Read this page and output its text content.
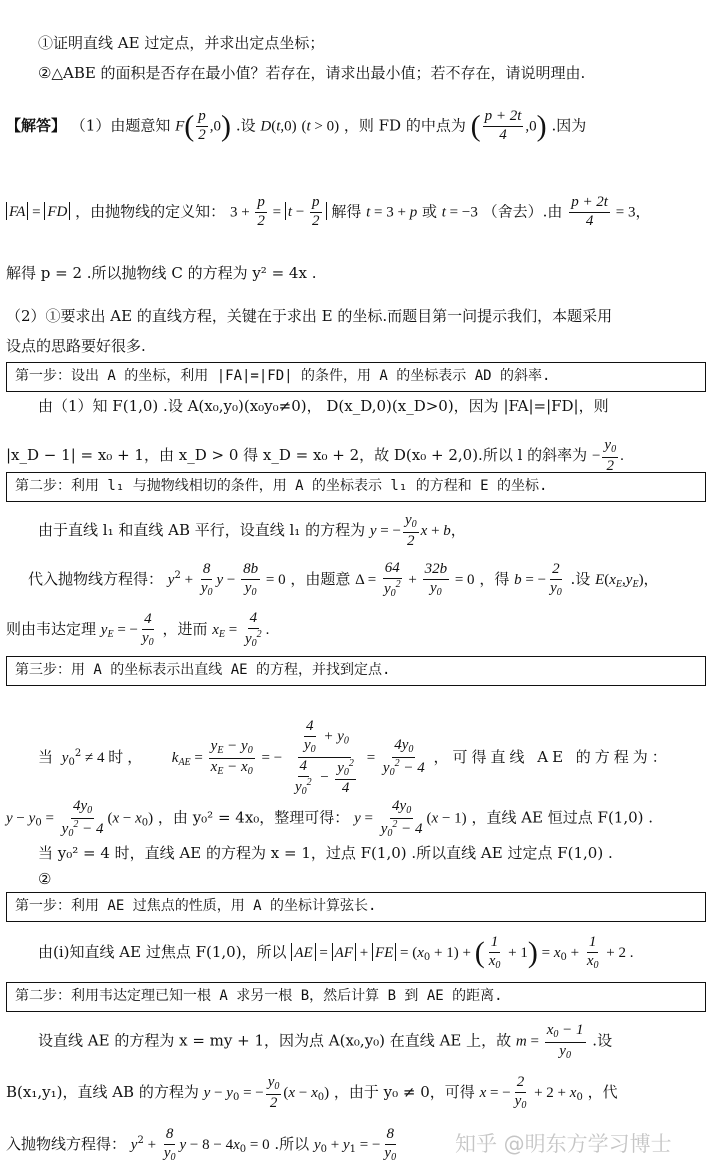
①证明直线 AE 过定点，并求出定点坐标；
②△ABE 的面积是否存在最小值？若存在，请求出最小值；若不存在，请说明理由.
【解答】 （1）由题意知 $F( \frac{p}{2} ,0)$ .设 D(t,0) (t > 0) ，则 FD 的中点为 ( $\frac{p + 2t}{4} ,0$) .因为
FA = FD ，由抛物线的定义知： $3 + \frac{p}{2} = t - \frac{p}{2}$ 解得 t = 3 + p 或 t = −3 （舍去）.由 $\frac{p + 2t}{4} = 3$，
解得 p = 2 .所以抛物线 C 的方程为 y² = 4x .
（2）①要求出 AE 的直线方程，关键在于求出 E 的坐标.而题目第一问提示我们，本题采用
设点的思路要好很多.
第一步：设出 A 的坐标，利用 |FA|=|FD| 的条件，用 A 的坐标表示 AD 的斜率.
由（1）知 F(1,0) .设 A(x₀,y₀)(x₀y₀≠0)， D(x_D,0)(x_D>0)，因为 |FA|=|FD|，则
|x_D − 1| = x₀ + 1，由 x_D > 0 得 x_D = x₀ + 2，故 D(x₀ + 2,0).所以 l 的斜率为 − $\frac{y_0}{2}$ .
第二步：利用 l₁ 与抛物线相切的条件，用 A 的坐标表示 l₁ 的方程和 E 的坐标.
由于直线 l₁ 和直线 AB 平行，设直线 l₁ 的方程为 y = − $\frac{y_0}{2}$ x + b，
代入抛物线方程得： $y^2 + \frac{8}{y_0}$ $y - \frac{8b}{y_0} = 0$ ，由题意 $\Delta = \frac{64}{y_0^2} + \frac{32b}{y_0} = 0$ ，得 b = − $\frac{2}{y_0}$ .设 $E(x_E,y_E)$，
则由韦达定理 $y_E$ = − $\frac{4}{y_0}$ ，进而 $x_E = \frac{4}{y_0^2}$ .
第三步：用 A 的坐标表示出直线 AE 的方程，并找到定点.
当 $y_0^2 \ne 4$ 时， $k_{AE} = \frac{y_E - y_0}{x_E - x_0}$ = − $\frac{\frac{4}{y_0} + y_0}{\frac{4}{y_0^2} - \frac{y_0^2}{4}} = \frac{4y_0}{y_0^2 - 4}$ ，可得直线 AE 的方程为：
$y - y_0 = \frac{4y_0}{y_0^2 - 4} (x - x_0)$ ，由 y₀² = 4x₀，整理可得： $y = \frac{4y_0}{y_0^2 - 4} (x - 1)$ ，直线 AE 恒过点 F(1,0) .
当 y₀² = 4 时，直线 AE 的方程为 x = 1，过点 F(1,0) .所以直线 AE 过定点 F(1,0) .
②
第一步：利用 AE 过焦点的性质，用 A 的坐标计算弦长.
由(i)知直线 AE 过焦点 F(1,0)，所以 AE = AF + FE = $(x_0 + 1)$ + ( $\frac{1}{x_0} + 1) = x_0 + \frac{1}{x_0} + 2$ .
第二步：利用韦达定理已知一根 A 求另一根 B，然后计算 B 到 AE 的距离.
设直线 AE 的方程为 x = my + 1，因为点 A(x₀,y₀) 在直线 AE 上，故 $m = \frac{x_0 - 1}{y_0}$ .设
B(x₁,y₁)，直线 AB 的方程为 $y - y_0$ = − $\frac{y_0}{2} (x - x_0)$ ，由于 y₀ ≠ 0，可得 x = − $\frac{2}{y_0} + 2 + x_0$ ，代
入抛物线方程得： $y^2 + \frac{8}{y_0}$ $y - 8 - 4x_0 = 0$ .所以 $y_0 + y_1$ = − $\frac{8}{y_0}$	知乎 @明东方学习博士
